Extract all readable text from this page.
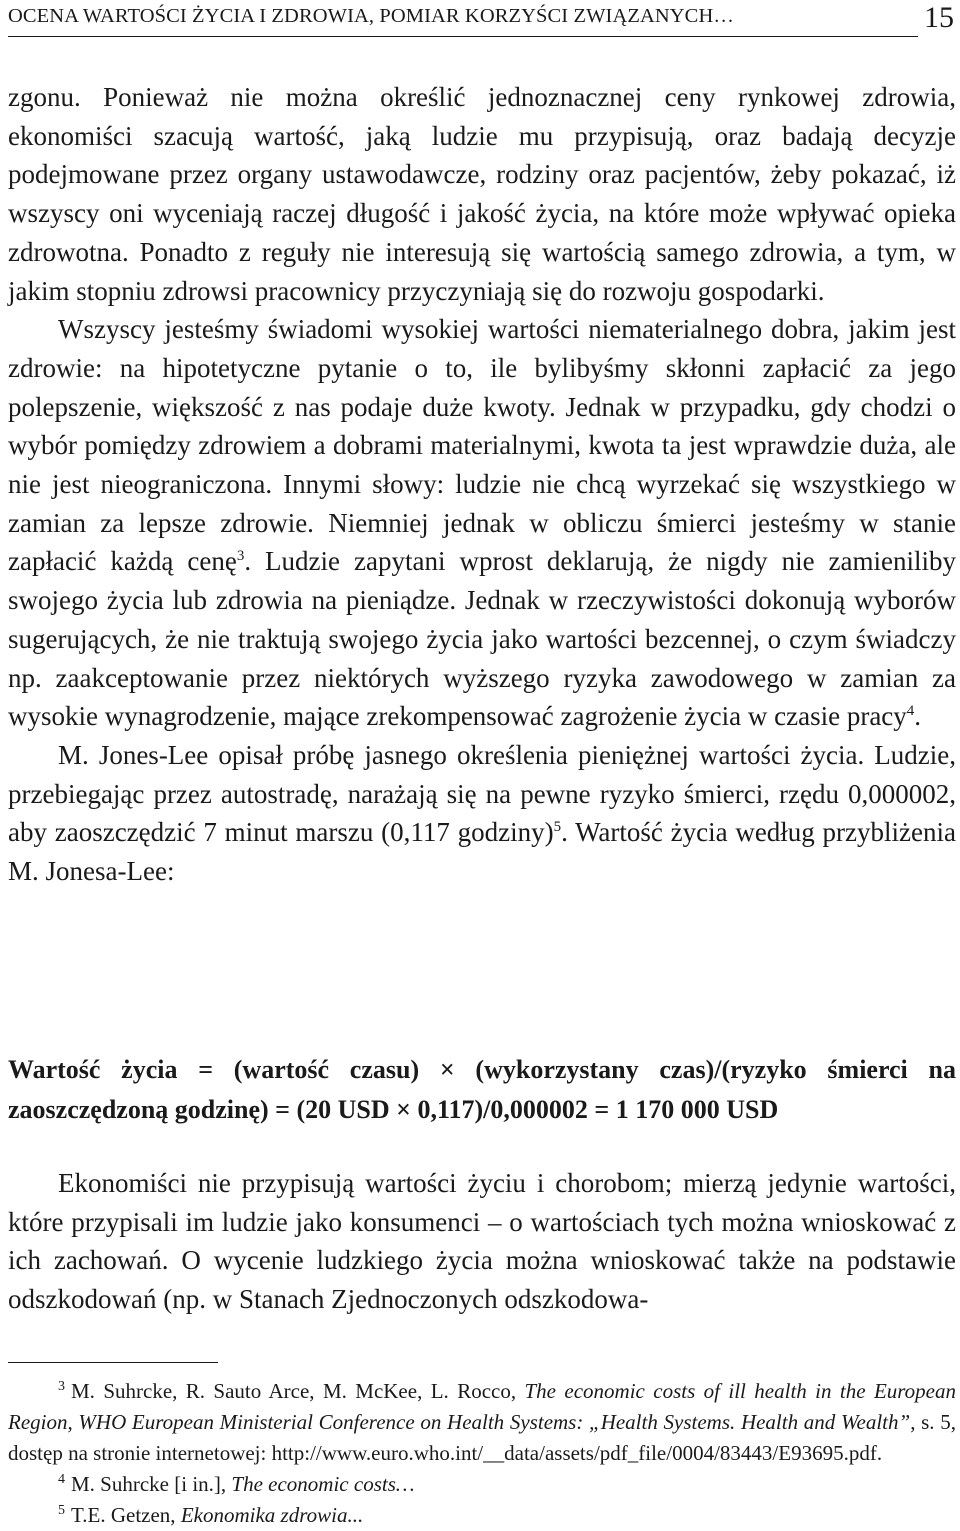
OCENA WARTOŚCI ŻYCIA I ZDROWIA, POMIAR KORZYŚCI ZWIĄZANYCH…	15

zgonu. Ponieważ nie można określić jednoznacznej ceny rynkowej zdrowia, ekonomiści szacują wartość, jaką ludzie mu przypisują, oraz badają decyzje podejmowane przez organy ustawodawcze, rodziny oraz pacjentów, żeby pokazać, iż wszyscy oni wyceniają raczej długość i jakość życia, na które może wpływać opieka zdrowotna. Ponadto z reguły nie interesują się wartością samego zdrowia, a tym, w jakim stopniu zdrowsi pracownicy przyczyniają się do rozwoju gospodarki.

Wszyscy jesteśmy świadomi wysokiej wartości niematerialnego dobra, jakim jest zdrowie: na hipotetyczne pytanie o to, ile bylibyśmy skłonni zapłacić za jego polepszenie, większość z nas podaje duże kwoty. Jednak w przypadku, gdy chodzi o wybór pomiędzy zdrowiem a dobrami materialnymi, kwota ta jest wprawdzie duża, ale nie jest nieograniczona. Innymi słowy: ludzie nie chcą wyrzekać się wszystkiego w zamian za lepsze zdrowie. Niemniej jednak w obliczu śmierci jesteśmy w stanie zapłacić każdą cenę$^3$. Ludzie zapytani wprost deklarują, że nigdy nie zamieniliby swojego życia lub zdrowia na pieniądze. Jednak w rzeczywistości dokonują wyborów sugerujących, że nie traktują swojego życia jako wartości bezcennej, o czym świadczy np. zaakceptowanie przez niektórych wyższego ryzyka zawodowego w zamian za wysokie wynagrodzenie, mające zrekompensować zagrożenie życia w czasie pracy$^4$.

M. Jones-Lee opisał próbę jasnego określenia pieniężnej wartości życia. Ludzie, przebiegając przez autostradę, narażają się na pewne ryzyko śmierci, rzędu 0,000002, aby zaoszczędzić 7 minut marszu (0,117 godziny)$^5$. Wartość życia według przybliżenia M. Jonesa-Lee:

Wartość życia = (wartość czasu) × (wykorzystany czas)/(ryzyko śmierci na zaoszczędzoną godzinę) = (20 USD × 0,117)/0,000002 = 1 170 000 USD

Ekonomiści nie przypisują wartości życiu i chorobom; mierzą jedynie wartości, które przypisali im ludzie jako konsumenci – o wartościach tych można wnioskować z ich zachowań. O wycenie ludzkiego życia można wnioskować także na podstawie odszkodowań (np. w Stanach Zjednoczonych odszkodowa-

$^3$ M. Suhrcke, R. Sauto Arce, M. McKee, L. Rocco, The economic costs of ill health in the European Region, WHO European Ministerial Conference on Health Systems: „Health Systems. Health and Wealth”, s. 5, dostęp na stronie internetowej: http://www.euro.who.int/__data/assets/pdf_file/0004/83443/E93695.pdf.

$^4$ M. Suhrcke [i in.], The economic costs…

$^5$ T.E. Getzen, Ekonomika zdrowia...
